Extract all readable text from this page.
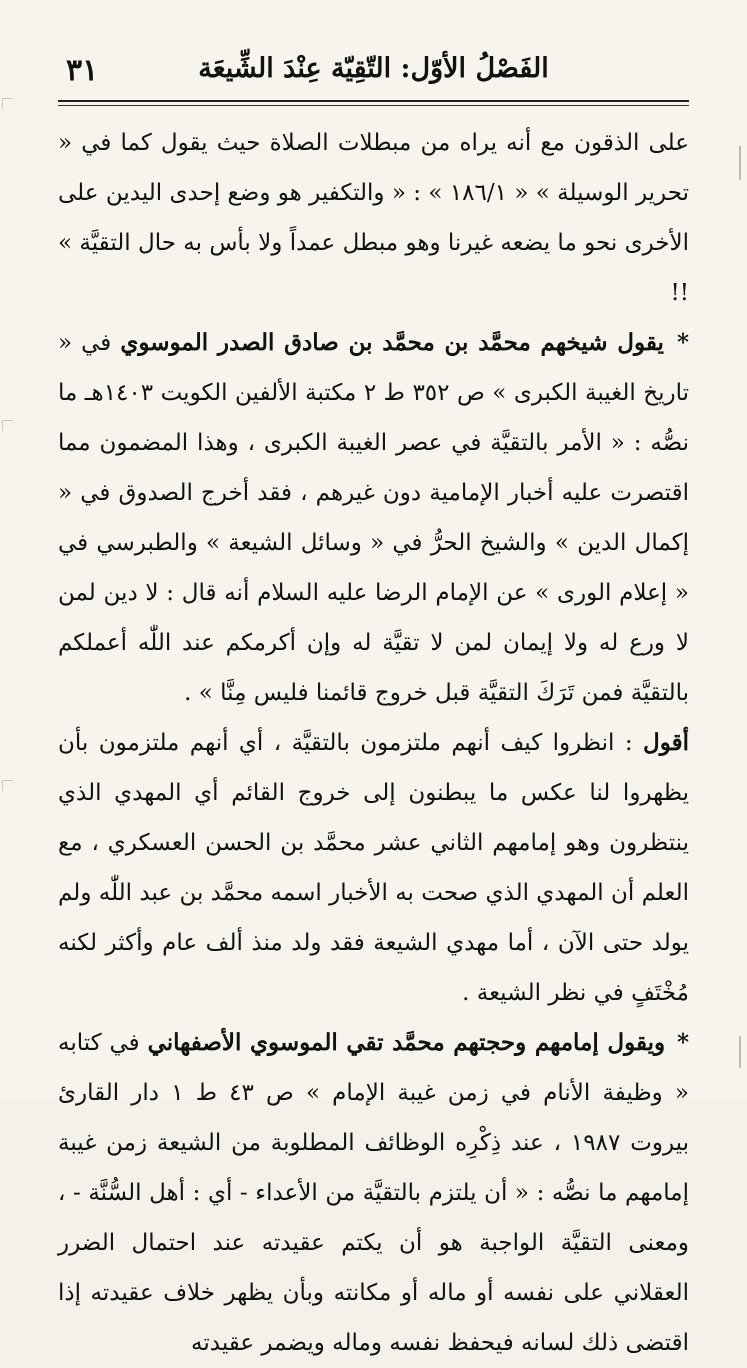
٣١	الفَصْلُ الأوّل: التّقِيّة عِنْدَ الشِّيعَة

على الذقون مع أنه يراه من مبطلات الصلاة حيث يقول كما في « تحرير الوسيلة » « ١٨٦/١ » : « والتكفير هو وضع إحدى اليدين على الأخرى نحو ما يضعه غيرنا وهو مبطل عمداً ولا بأس به حال التقيَّة » !!

* يقول شيخهم محمَّد بن محمَّد بن صادق الصدر الموسوي في « تاريخ الغيبة الكبرى » ص ٣٥٢ ط ٢ مكتبة الألفين الكويت ١٤٠٣هـ ما نصُّه : « الأمر بالتقيَّة في عصر الغيبة الكبرى ، وهذا المضمون مما اقتصرت عليه أخبار الإمامية دون غيرهم ، فقد أخرج الصدوق في « إكمال الدين » والشيخ الحرُّ في « وسائل الشيعة » والطبرسي في « إعلام الورى » عن الإمام الرضا عليه السلام أنه قال : لا دين لمن لا ورع له ولا إيمان لمن لا تقيَّة له وإن أكرمكم عند اللّٰه أعملكم بالتقيَّة فمن تَرَكَ التقيَّة قبل خروج قائمنا فليس مِنَّا » .

أقول : انظروا كيف أنهم ملتزمون بالتقيَّة ، أي أنهم ملتزمون بأن يظهروا لنا عكس ما يبطنون إلى خروج القائم أي المهدي الذي ينتظرون وهو إمامهم الثاني عشر محمَّد بن الحسن العسكري ، مع العلم أن المهدي الذي صحت به الأخبار اسمه محمَّد بن عبد اللّٰه ولم يولد حتى الآن ، أما مهدي الشيعة فقد ولد منذ ألف عام وأكثر لكنه مُخْتَفٍ في نظر الشيعة .

* ويقول إمامهم وحجتهم محمَّد تقي الموسوي الأصفهاني في كتابه « وظيفة الأنام في زمن غيبة الإمام » ص ٤٣ ط ١ دار القارئ بيروت ١٩٨٧ ، عند ذِكْرِه الوظائف المطلوبة من الشيعة زمن غيبة إمامهم ما نصُّه : « أن يلتزم بالتقيَّة من الأعداء - أي : أهل السُّنَّة - ، ومعنى التقيَّة الواجبة هو أن يكتم عقيدته عند احتمال الضرر العقلاني على نفسه أو ماله أو مكانته وبأن يظهر خلاف عقيدته إذا اقتضى ذلك لسانه فيحفظ نفسه وماله ويضمر عقيدته
